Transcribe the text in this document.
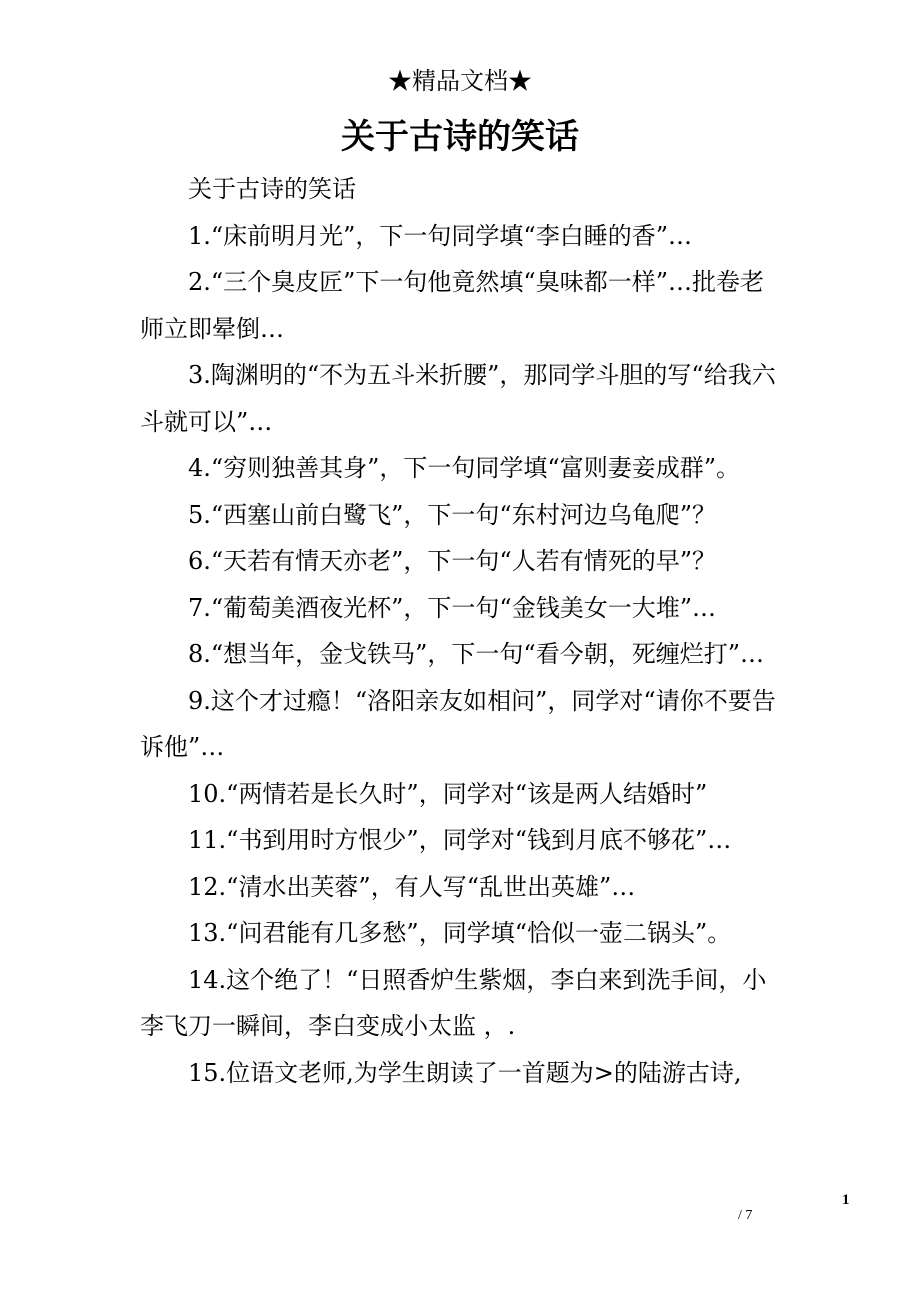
★精品文档★
关于古诗的笑话

关于古诗的笑话

1.“床前明月光”，下一句同学填“李白睡的香”…

2.“三个臭皮匠”下一句他竟然填“臭味都一样”…批卷老师立即晕倒…

3.陶渊明的“不为五斗米折腰”，那同学斗胆的写“给我六斗就可以”…

4.“穷则独善其身”，下一句同学填“富则妻妾成群”。

5.“西塞山前白鹭飞”，下一句“东村河边乌龟爬”？

6.“天若有情天亦老”，下一句“人若有情死的早”？

7.“葡萄美酒夜光杯”，下一句“金钱美女一大堆”…

8.“想当年，金戈铁马”，下一句“看今朝，死缠烂打”…

9.这个才过瘾！“洛阳亲友如相问”，同学对“请你不要告诉他”…

10.“两情若是长久时”，同学对“该是两人结婚时”

11.“书到用时方恨少”，同学对“钱到月底不够花”…

12.“清水出芙蓉”，有人写“乱世出英雄”…

13.“问君能有几多愁”，同学填“恰似一壶二锅头”。

14.这个绝了！“日照香炉生紫烟，李白来到洗手间，小李飞刀一瞬间，李白变成小太监 ，.

15.位语文老师,为学生朗读了一首题为>的陆游古诗,

1
/ 7
